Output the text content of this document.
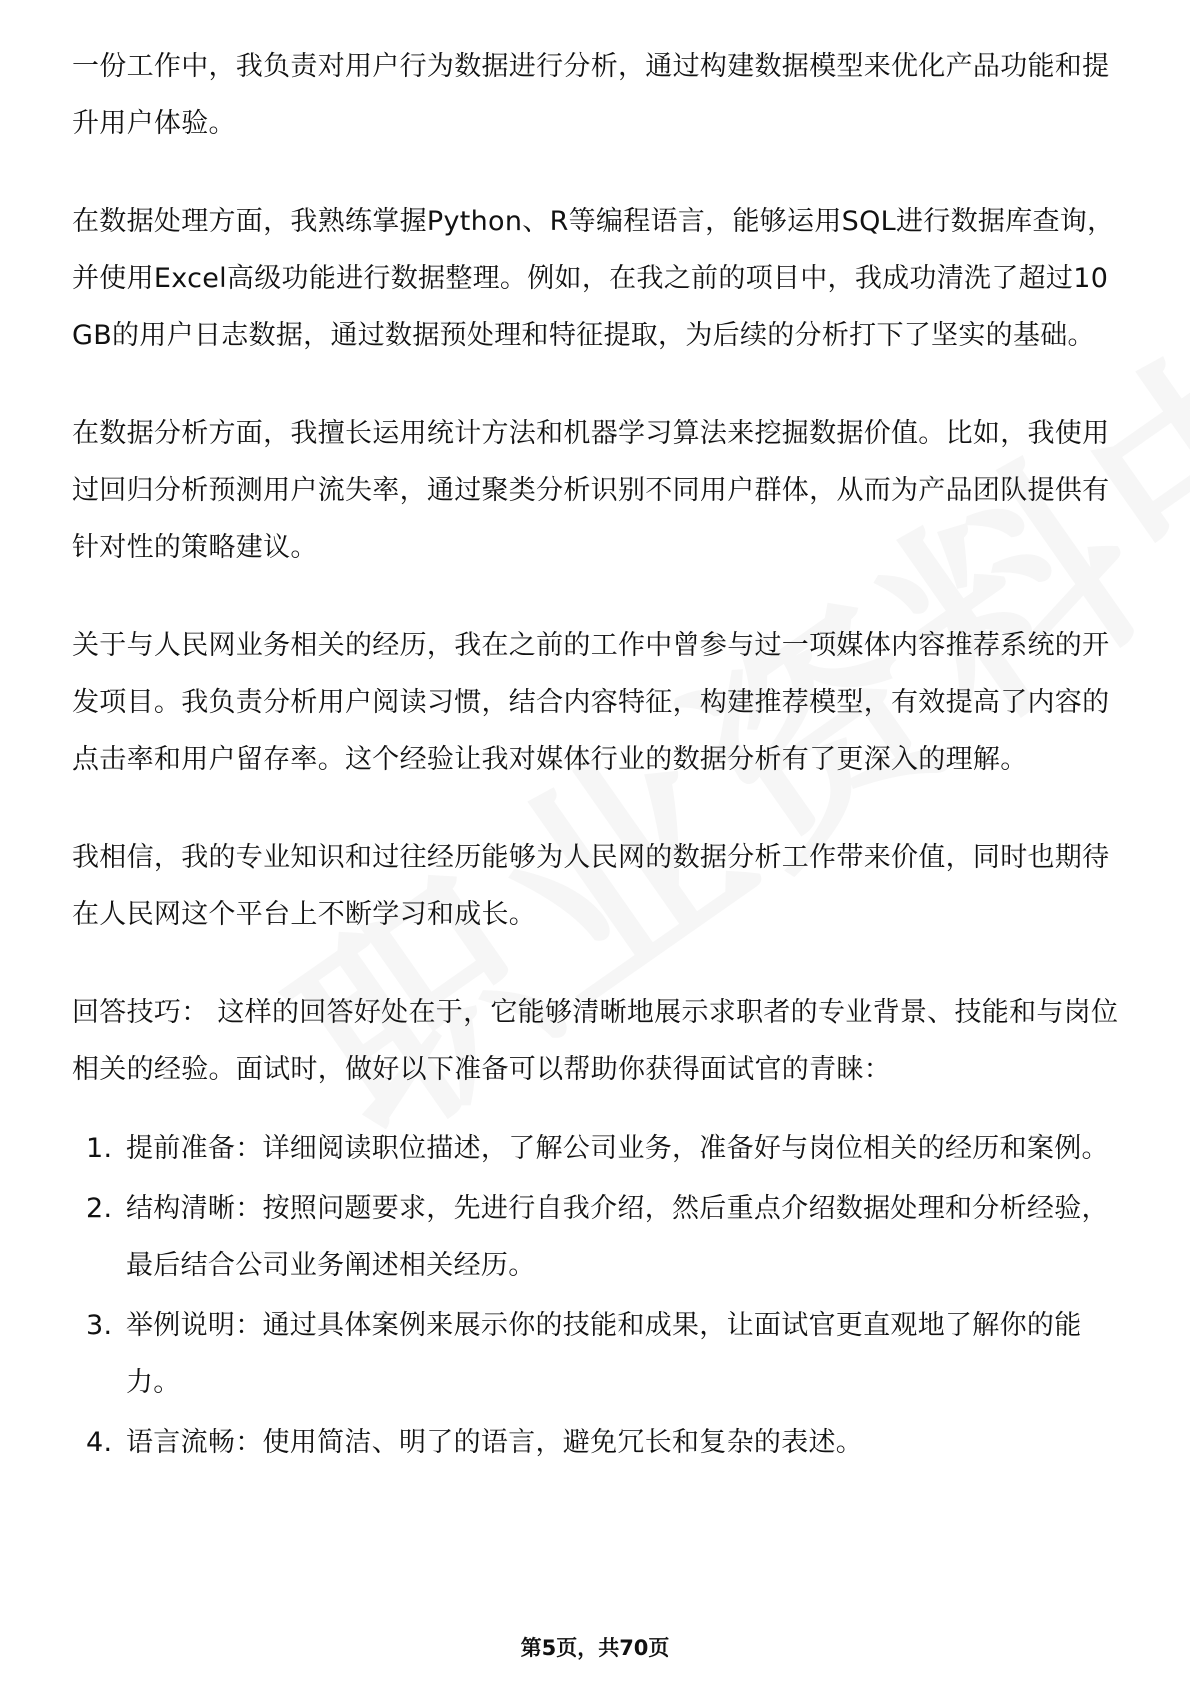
一份工作中，我负责对用户行为数据进行分析，通过构建数据模型来优化产品功能和提升用户体验。

在数据处理方面，我熟练掌握Python、R等编程语言，能够运用SQL进行数据库查询，并使用Excel高级功能进行数据整理。例如，在我之前的项目中，我成功清洗了超过10GB的用户日志数据，通过数据预处理和特征提取，为后续的分析打下了坚实的基础。

在数据分析方面，我擅长运用统计方法和机器学习算法来挖掘数据价值。比如，我使用过回归分析预测用户流失率，通过聚类分析识别不同用户群体，从而为产品团队提供有针对性的策略建议。

关于与人民网业务相关的经历，我在之前的工作中曾参与过一项媒体内容推荐系统的开发项目。我负责分析用户阅读习惯，结合内容特征，构建推荐模型，有效提高了内容的点击率和用户留存率。这个经验让我对媒体行业的数据分析有了更深入的理解。

我相信，我的专业知识和过往经历能够为人民网的数据分析工作带来价值，同时也期待在人民网这个平台上不断学习和成长。

回答技巧： 这样的回答好处在于，它能够清晰地展示求职者的专业背景、技能和与岗位相关的经验。面试时，做好以下准备可以帮助你获得面试官的青睐：

1. 提前准备：详细阅读职位描述，了解公司业务，准备好与岗位相关的经历和案例。
2. 结构清晰：按照问题要求，先进行自我介绍，然后重点介绍数据处理和分析经验，最后结合公司业务阐述相关经历。
3. 举例说明：通过具体案例来展示你的技能和成果，让面试官更直观地了解你的能力。
4. 语言流畅：使用简洁、明了的语言，避免冗长和复杂的表述。
第5页，共70页
